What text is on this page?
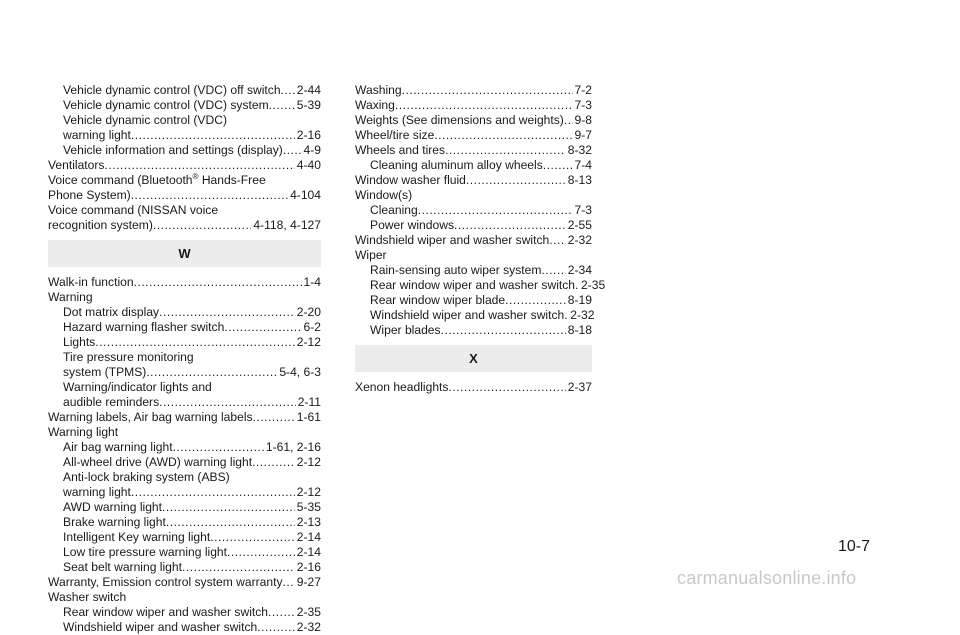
Vehicle dynamic control (VDC) off switch ..... 2-44
Vehicle dynamic control (VDC) system ..... 5-39
Vehicle dynamic control (VDC)
warning light .....	2-16
Vehicle information and settings (display) ..... 4-9
Ventilators .....	4-40
Voice command (Bluetooth® Hands-Free
Phone System) .....	4-104
Voice command (NISSAN voice
recognition system) .....	4-118, 4-127
W
Walk-in function .....	1-4
Warning
Dot matrix display .....	2-20
Hazard warning flasher switch .....	6-2
Lights .....	2-12
Tire pressure monitoring
system (TPMS) .....	5-4, 6-3
Warning/indicator lights and
audible reminders .....	2-11
Warning labels, Air bag warning labels .....	1-61
Warning light
Air bag warning light .....	1-61, 2-16
All-wheel drive (AWD) warning light .....	2-12
Anti-lock braking system (ABS)
warning light .....	2-12
AWD warning light .....	5-35
Brake warning light .....	2-13
Intelligent Key warning light .....	2-14
Low tire pressure warning light .....	2-14
Seat belt warning light .....	2-16
Warranty, Emission control system warranty ..... 9-27
Washer switch
Rear window wiper and washer switch ..... 2-35
Windshield wiper and washer switch .....	2-32
Washing .....	7-2
Waxing .....	7-3
Weights (See dimensions and weights) ..... 9-8
Wheel/tire size .....	9-7
Wheels and tires .....	8-32
Cleaning aluminum alloy wheels .....	7-4
Window washer fluid .....	8-13
Window(s)
Cleaning .....	7-3
Power windows .....	2-55
Windshield wiper and washer switch ..... 2-32
Wiper
Rain-sensing auto wiper system ..... 2-34
Rear window wiper and washer switch ..... 2-35
Rear window wiper blade .....	8-19
Windshield wiper and washer switch ..... 2-32
Wiper blades .....	8-18
X
Xenon headlights .....	2-37
10-7
carmanualsonline.info
